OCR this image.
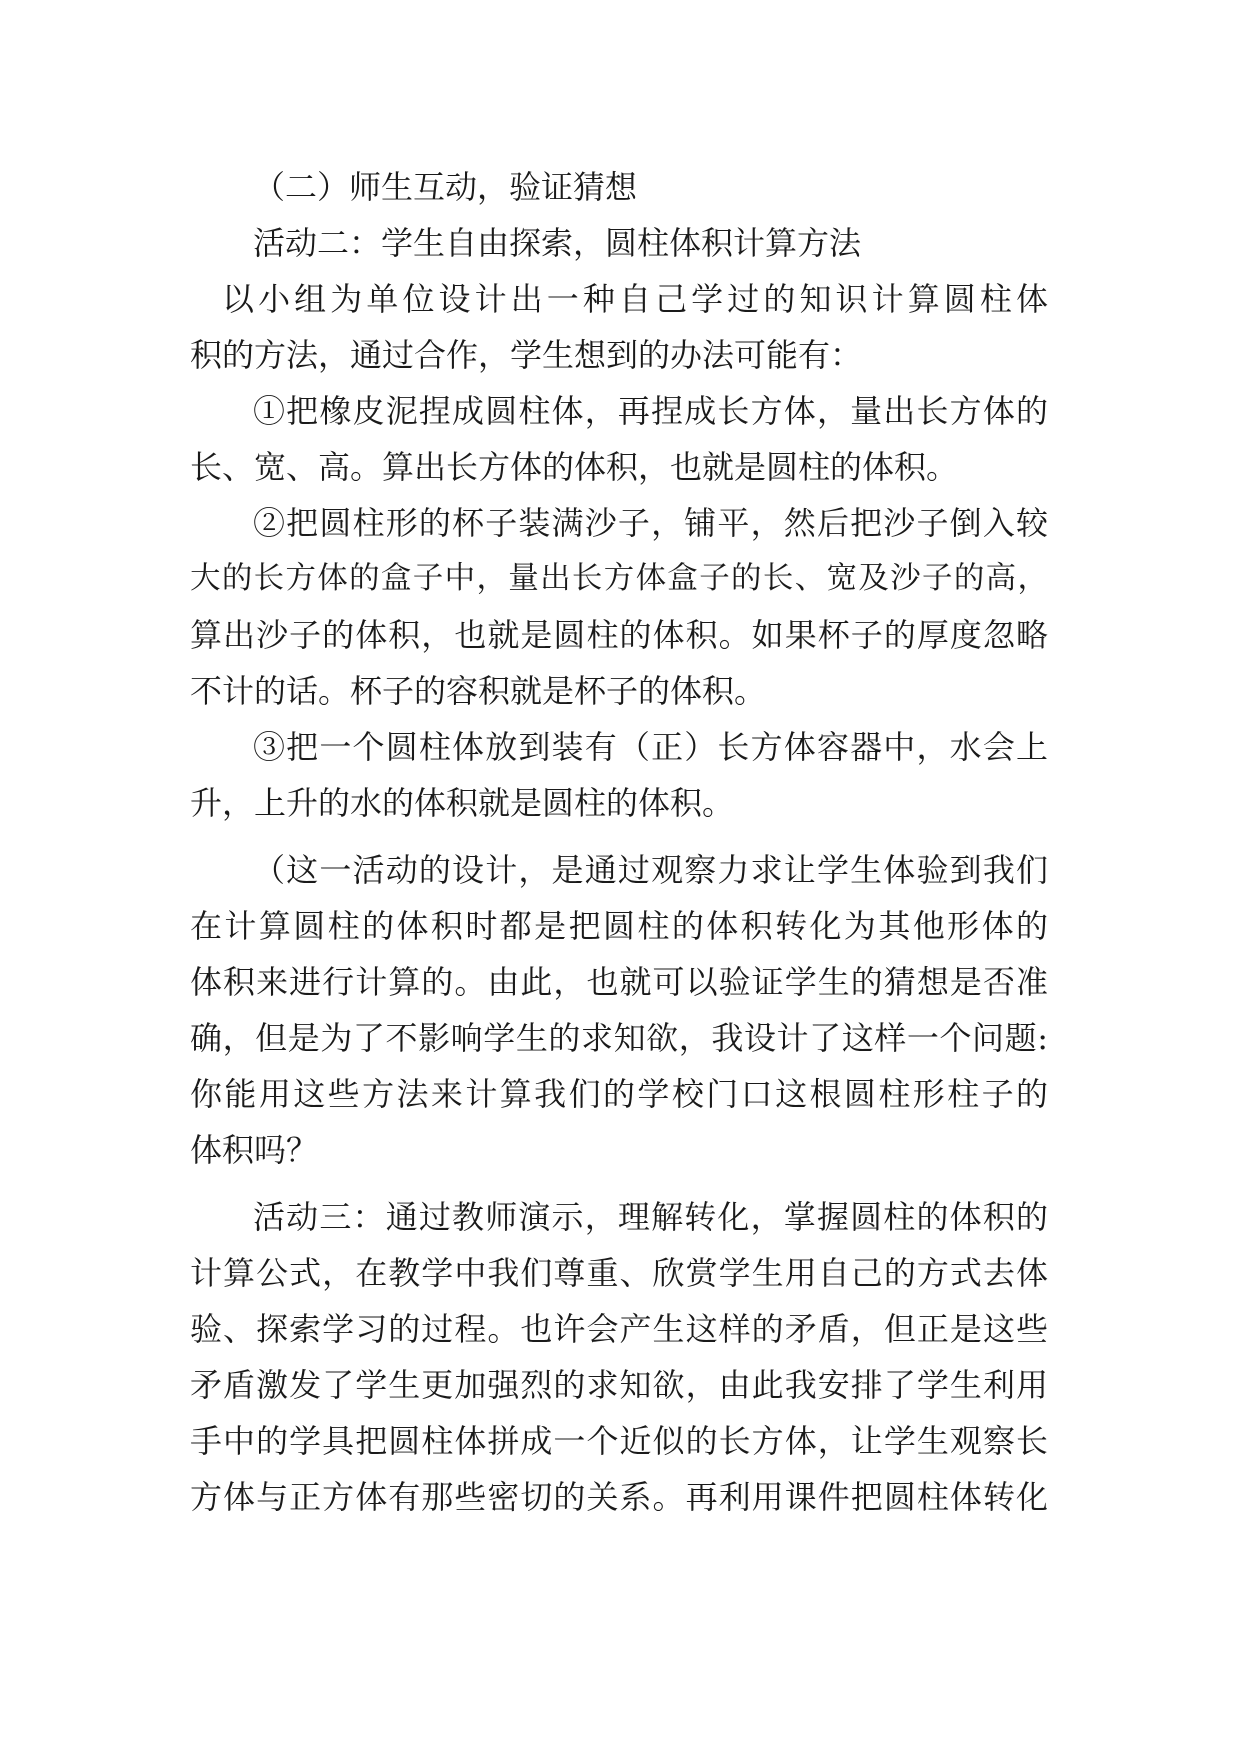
（二）师生互动，验证猜想

活动二：学生自由探索，圆柱体积计算方法

以小组为单位设计出一种自己学过的知识计算圆柱体

积的方法，通过合作，学生想到的办法可能有：

①把橡皮泥捏成圆柱体，再捏成长方体，量出长方体的

长、宽、高。算出长方体的体积，也就是圆柱的体积。

②把圆柱形的杯子装满沙子，铺平，然后把沙子倒入较

大的长方体的盒子中，量出长方体盒子的长、宽及沙子的高，

算出沙子的体积，也就是圆柱的体积。如果杯子的厚度忽略

不计的话。杯子的容积就是杯子的体积。

③把一个圆柱体放到装有（正）长方体容器中，水会上

升，上升的水的体积就是圆柱的体积。

（这一活动的设计，是通过观察力求让学生体验到我们

在计算圆柱的体积时都是把圆柱的体积转化为其他形体的

体积来进行计算的。由此，也就可以验证学生的猜想是否准

确，但是为了不影响学生的求知欲，我设计了这样一个问题:

你能用这些方法来计算我们的学校门口这根圆柱形柱子的

体积吗？

活动三：通过教师演示，理解转化，掌握圆柱的体积的

计算公式，在教学中我们尊重、欣赏学生用自己的方式去体

验、探索学习的过程。也许会产生这样的矛盾，但正是这些

矛盾激发了学生更加强烈的求知欲，由此我安排了学生利用

手中的学具把圆柱体拼成一个近似的长方体，让学生观察长

方体与正方体有那些密切的关系。再利用课件把圆柱体转化
